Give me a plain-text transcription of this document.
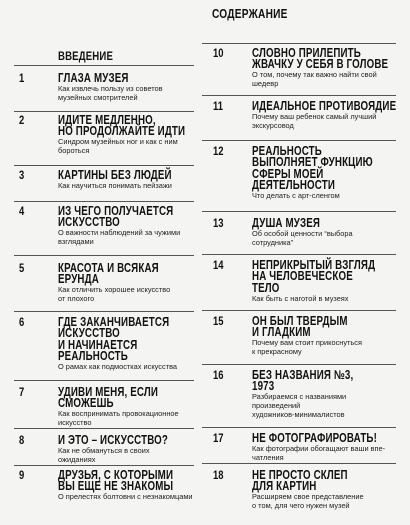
СОДЕРЖАНИЕ
ВВЕДЕНИЕ
1	ГЛАЗА МУЗЕЯ
Как извлечь пользу из советов
музейных смотрителей
2	ИДИТЕ МЕДЛЕННО,
НО ПРОДОЛЖАЙТЕ ИДТИ
Синдром музейных ног и как с ним
бороться
3	КАРТИНЫ БЕЗ ЛЮДЕЙ
Как научиться понимать пейзажи
4	ИЗ ЧЕГО ПОЛУЧАЕТСЯ
ИСКУССТВО
О важности наблюдений за чужими
взглядами
5	КРАСОТА И ВСЯКАЯ
ЕРУНДА
Как отличить хорошее искусство
от плохого
6	ГДЕ ЗАКАНЧИВАЕТСЯ
ИСКУССТВО
И НАЧИНАЕТСЯ
РЕАЛЬНОСТЬ
О рамах как подмостках искусства
7	УДИВИ МЕНЯ, ЕСЛИ
СМОЖЕШЬ
Как воспринимать провокационное
искусство
8	И ЭТО – ИСКУССТВО?
Как не обмануться в своих
ожиданиях
9	ДРУЗЬЯ, С КОТОРЫМИ
ВЫ ЕЩЕ НЕ ЗНАКОМЫ
О прелестях болтовни с незнакомцами
10 СЛОВНО ПРИЛЕПИТЬ
ЖВАЧКУ У СЕБЯ В ГОЛОВЕ
О том, почему так важно найти свой
шедевр
11 ИДЕАЛЬНОЕ ПРОТИВОЯДИЕ
Почему ваш ребенок самый лучший
экскурсовод
12 РЕАЛЬНОСТЬ
ВЫПОЛНЯЕТ ФУНКЦИЮ
СФЕРЫ МОЕЙ
ДЕЯТЕЛЬНОСТИ
Что делать с арт-сленгом
13 ДУША МУЗЕЯ
Об особой ценности “выбора
сотрудника”
14 НЕПРИКРЫТЫЙ ВЗГЛЯД
НА ЧЕЛОВЕЧЕСКОЕ
ТЕЛО
Как быть с наготой в музеях
15 ОН БЫЛ ТВЕРДЫМ
И ГЛАДКИМ
Почему вам стоит прикоснуться
к прекрасному
16 БЕЗ НАЗВАНИЯ №3,
1973
Разбираемся с названиями
произведений
художников-минималистов
17 НЕ ФОТОГРАФИРОВАТЬ!
Как фотографии обогащают ваши впе-
чатления
18 НЕ ПРОСТО СКЛЕП
ДЛЯ КАРТИН
Расширяем свое представление
о том, для чего нужен музей
